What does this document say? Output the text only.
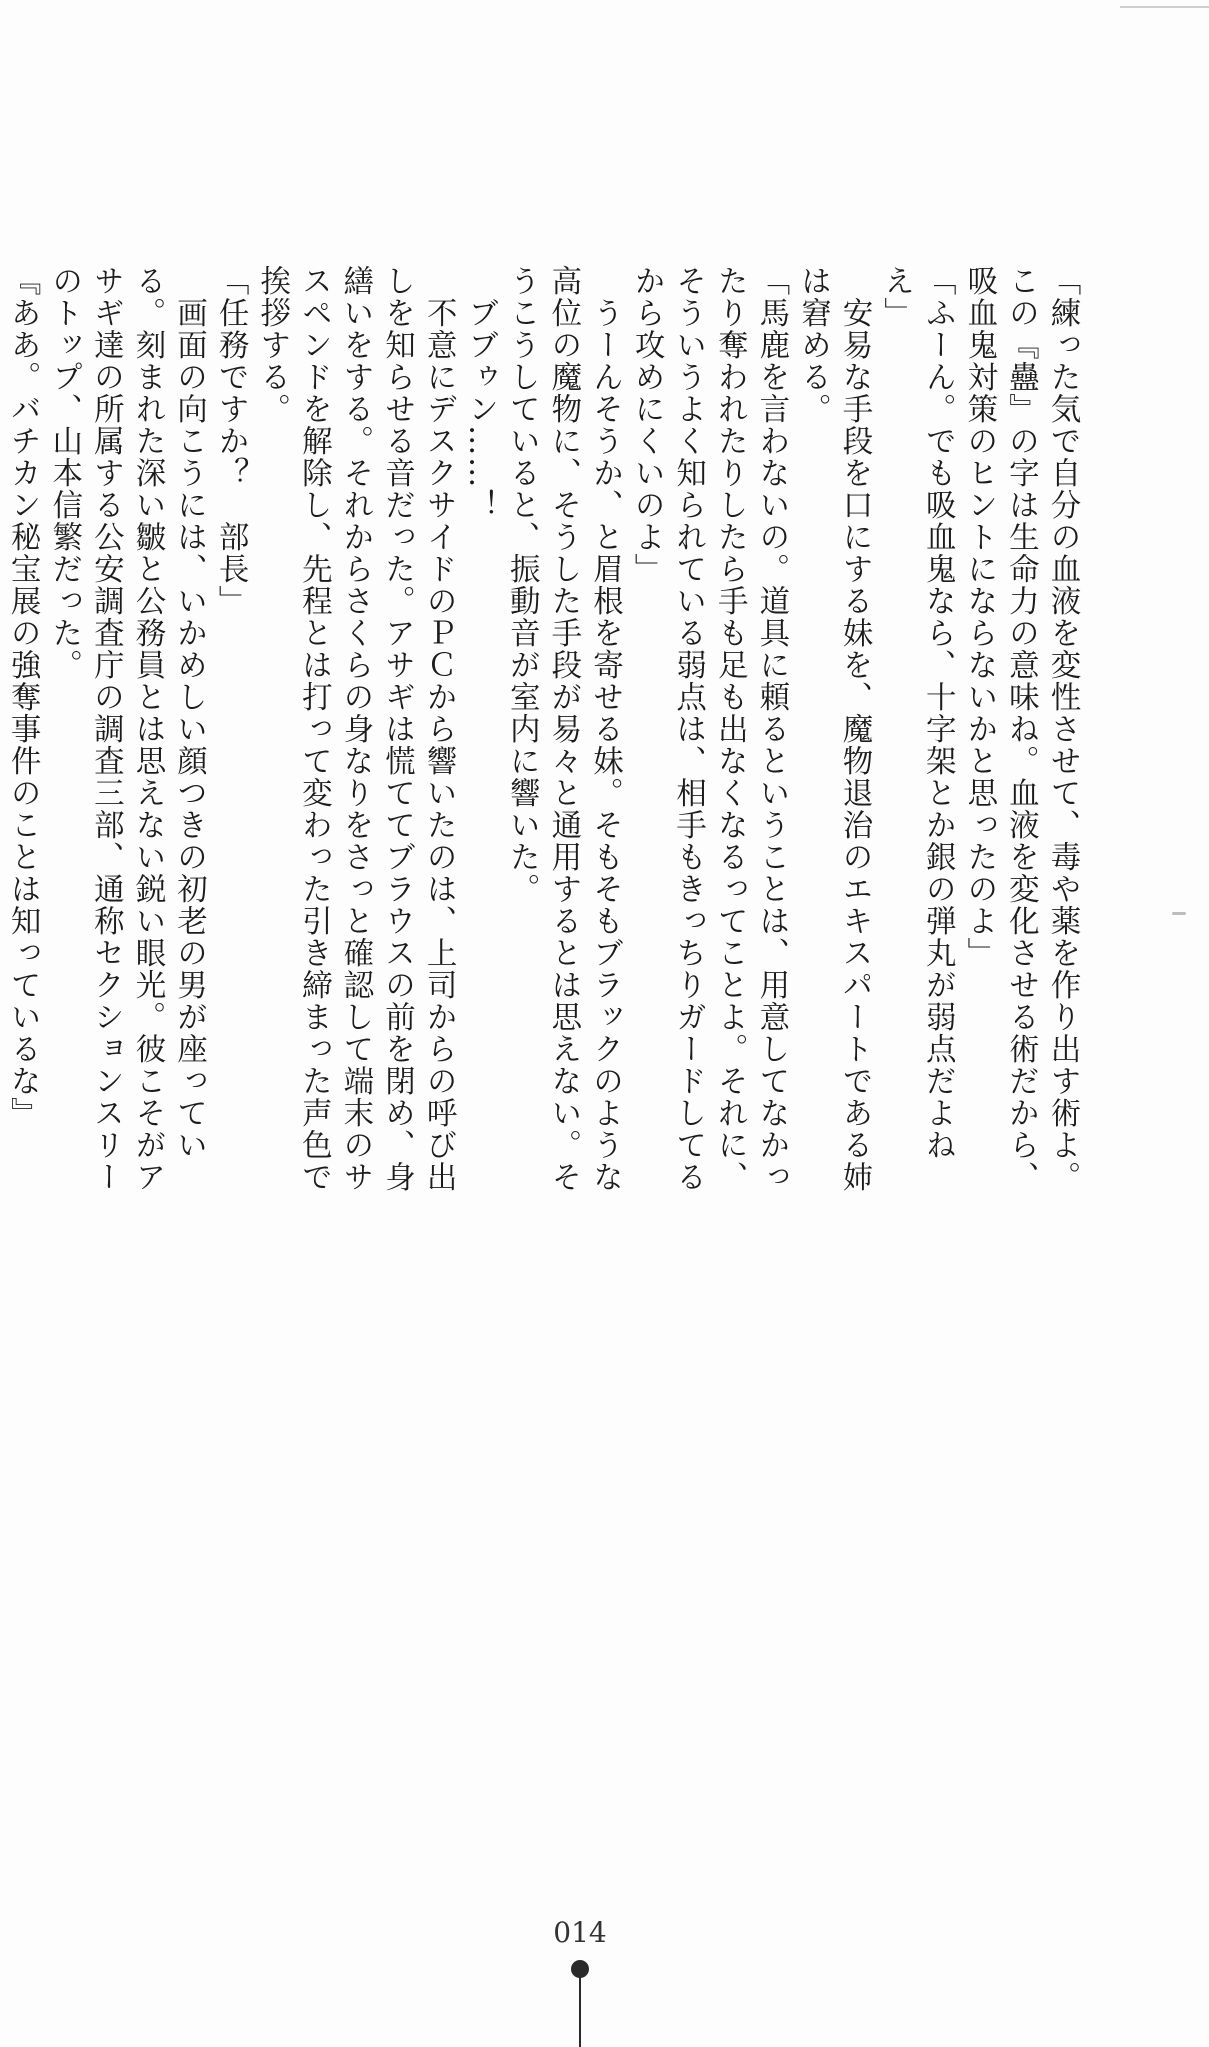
「練った気で自分の血液を変性させて、毒や薬を作り出す術よ。この『蠱』の字は生命力の意味ね。血液を変化させる術だから、吸血鬼対策のヒントにならないかと思ったのよ」

「ふーん。でも吸血鬼なら、十字架とか銀の弾丸が弱点だよねえ」

　安易な手段を口にする妹を、魔物退治のエキスパートである姉は窘める。

「馬鹿を言わないの。道具に頼るということは、用意してなかったり奪われたりしたら手も足も出なくなるってことよ。それに、そういうよく知られている弱点は、相手もきっちりガードしてるから攻めにくいのよ」

　うーんそうか、と眉根を寄せる妹。そもそもブラックのような高位の魔物に、そうした手段が易々と通用するとは思えない。そうこうしていると、振動音が室内に響いた。

　ブブゥン……！

　不意にデスクサイドのＰＣから響いたのは、上司からの呼び出しを知らせる音だった。アサギは慌ててブラウスの前を閉め、身繕いをする。それからさくらの身なりをさっと確認して端末のサスペンドを解除し、先程とは打って変わった引き締まった声色で挨拶する。

「任務ですか？　部長」

　画面の向こうには、いかめしい顔つきの初老の男が座っている。刻まれた深い皺と公務員とは思えない鋭い眼光。彼こそがアサギ達の所属する公安調査庁の調査三部、通称セクションスリーのトップ、山本信繁だった。

『ああ。バチカン秘宝展の強奪事件のことは知っているな』

014
